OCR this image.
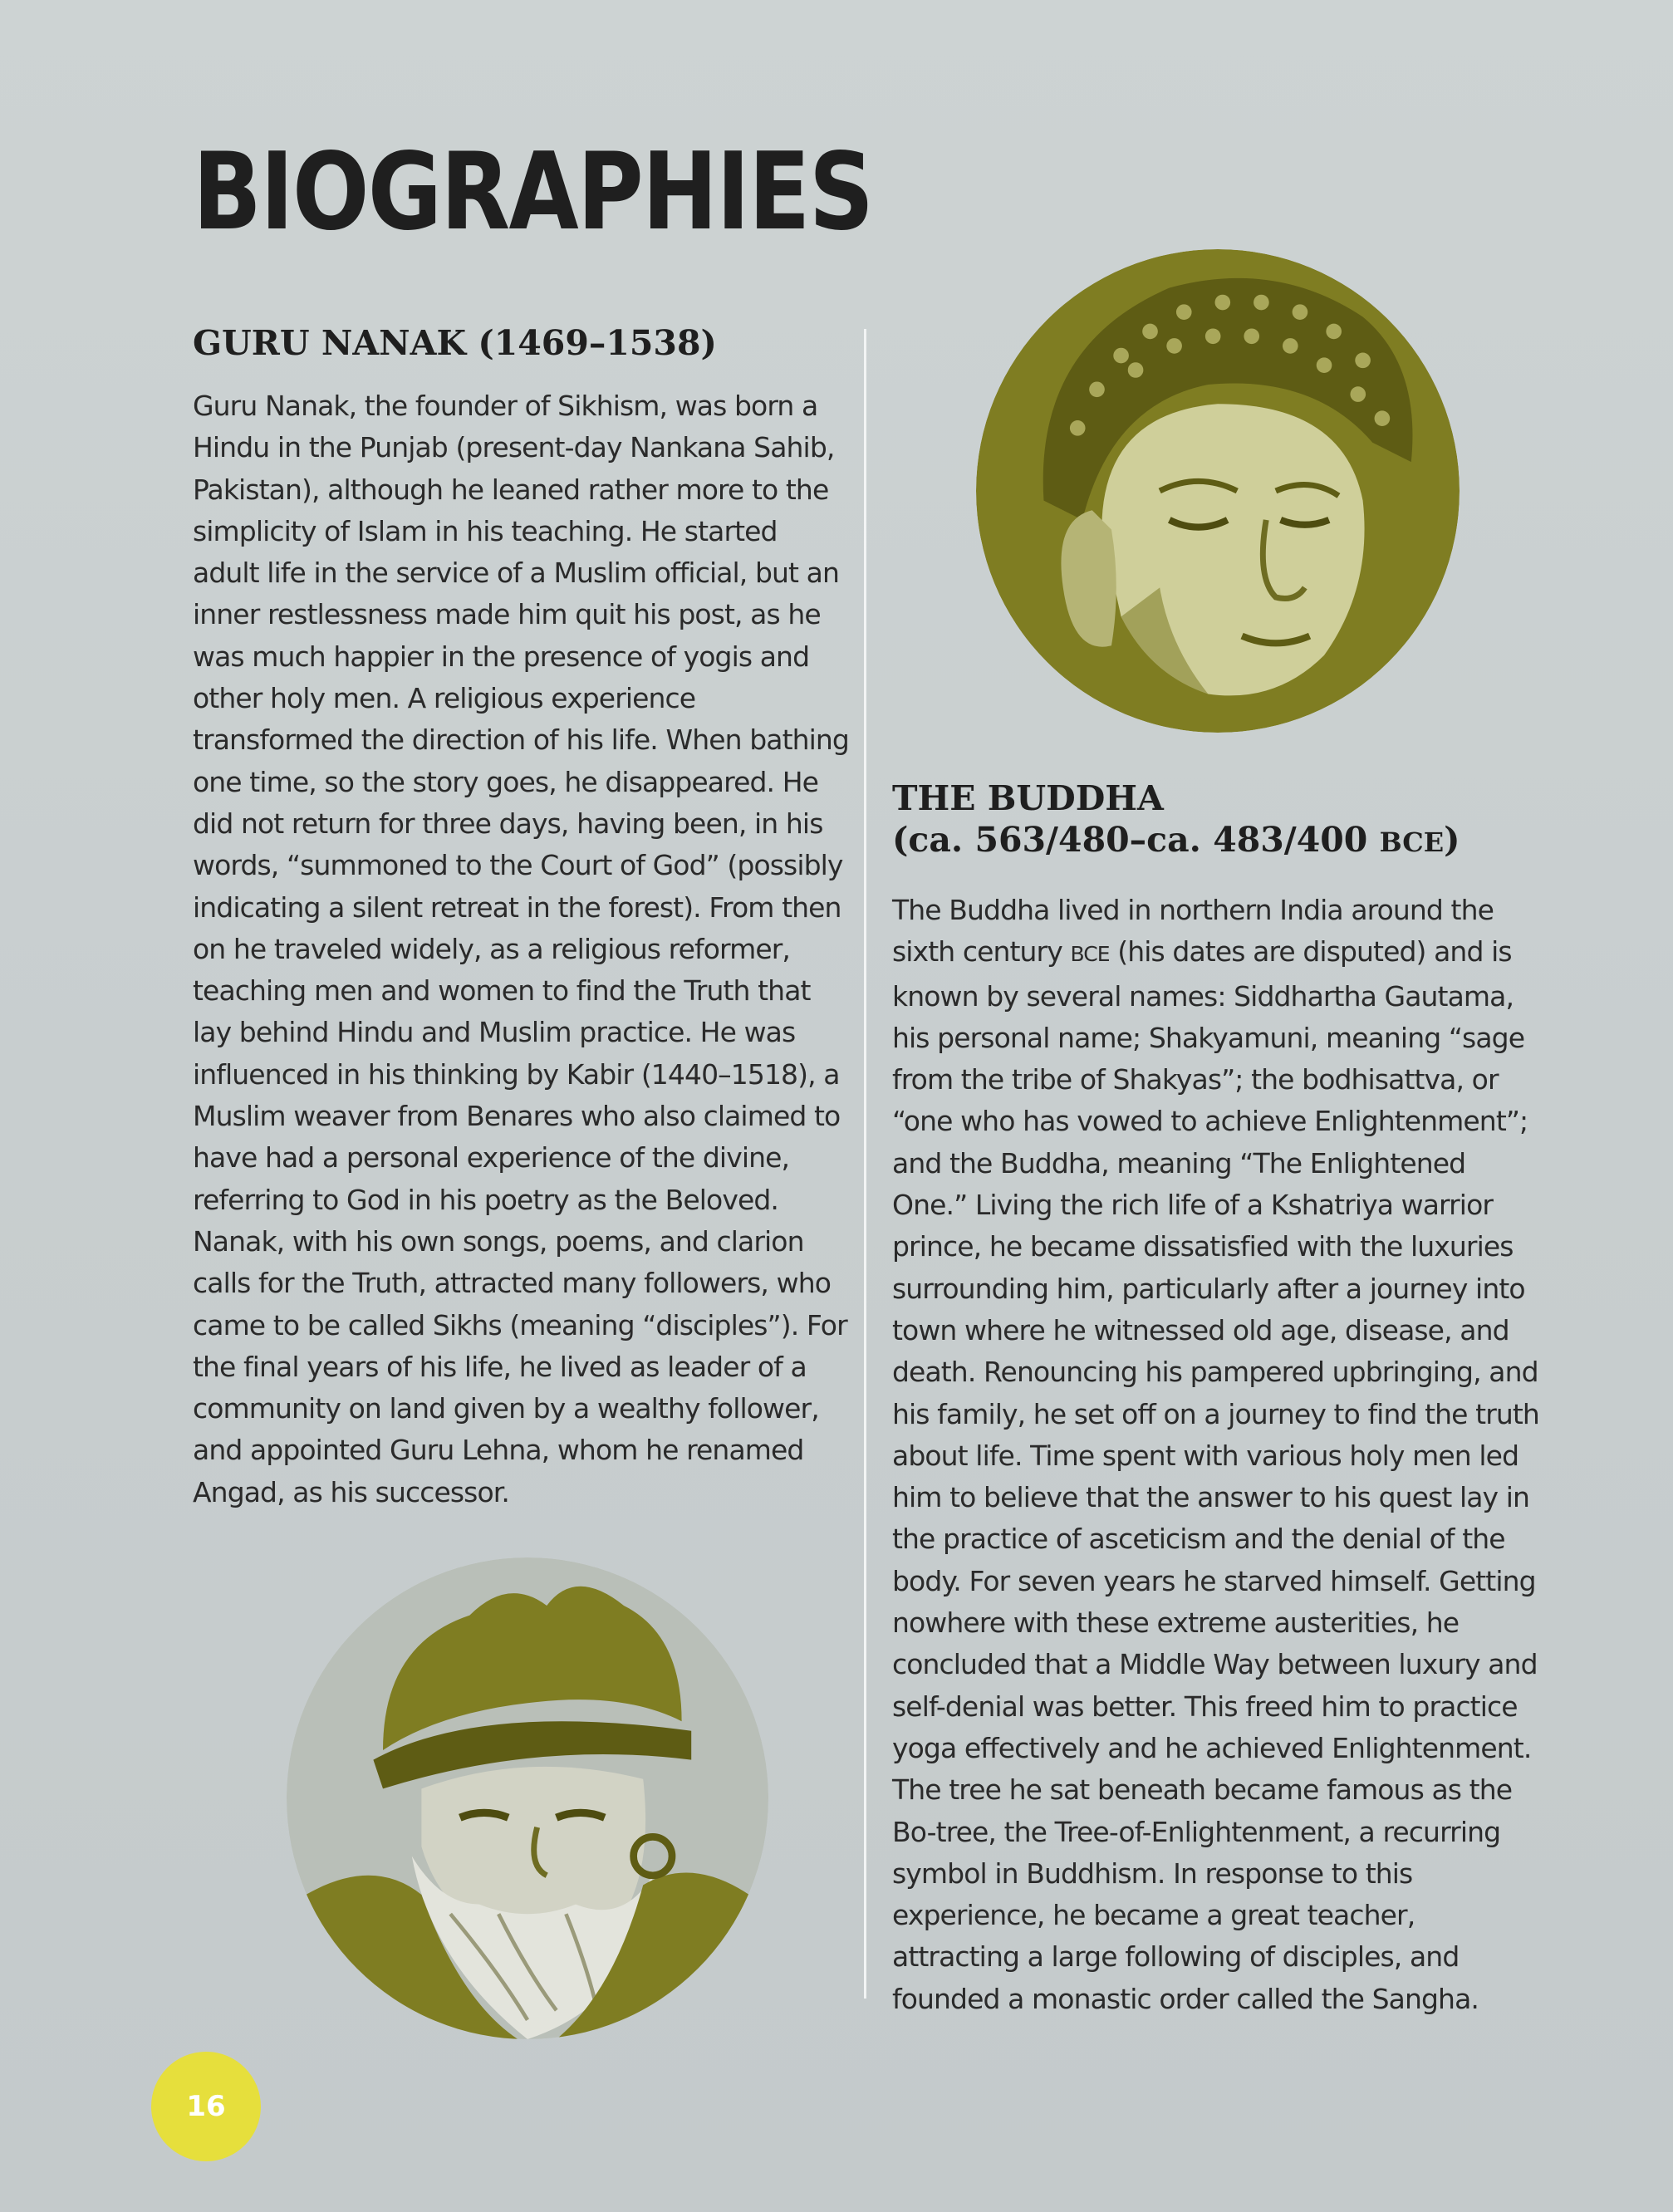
BIOGRAPHIES
GURU NANAK (1469–1538)

Guru Nanak, the founder of Sikhism, was born a Hindu in the Punjab (present-day Nankana Sahib, Pakistan), although he leaned rather more to the simplicity of Islam in his teaching. He started adult life in the service of a Muslim official, but an inner restlessness made him quit his post, as he was much happier in the presence of yogis and other holy men. A religious experience transformed the direction of his life. When bathing one time, so the story goes, he disappeared. He did not return for three days, having been, in his words, “summoned to the Court of God” (possibly indicating a silent retreat in the forest). From then on he traveled widely, as a religious reformer, teaching men and women to find the Truth that lay behind Hindu and Muslim practice. He was influenced in his thinking by Kabir (1440–1518), a Muslim weaver from Benares who also claimed to have had a personal experience of the divine, referring to God in his poetry as the Beloved. Nanak, with his own songs, poems, and clarion calls for the Truth, attracted many followers, who came to be called Sikhs (meaning “disciples”). For the final years of his life, he lived as leader of a community on land given by a wealthy follower, and appointed Guru Lehna, whom he renamed Angad, as his successor.

THE BUDDHA
(ca. 563/480–ca. 483/400 BCE)

The Buddha lived in northern India around the sixth century BCE (his dates are disputed) and is known by several names: Siddhartha Gautama, his personal name; Shakyamuni, meaning “sage from the tribe of Shakyas”; the bodhisattva, or “one who has vowed to achieve Enlightenment”; and the Buddha, meaning “The Enlightened One.” Living the rich life of a Kshatriya warrior prince, he became dissatisfied with the luxuries surrounding him, particularly after a journey into town where he witnessed old age, disease, and death. Renouncing his pampered upbringing, and his family, he set off on a journey to find the truth about life. Time spent with various holy men led him to believe that the answer to his quest lay in the practice of asceticism and the denial of the body. For seven years he starved himself. Getting nowhere with these extreme austerities, he concluded that a Middle Way between luxury and self-denial was better. This freed him to practice yoga effectively and he achieved Enlightenment. The tree he sat beneath became famous as the Bo-tree, the Tree-of-Enlightenment, a recurring symbol in Buddhism. In response to this experience, he became a great teacher, attracting a large following of disciples, and founded a monastic order called the Sangha.

16
